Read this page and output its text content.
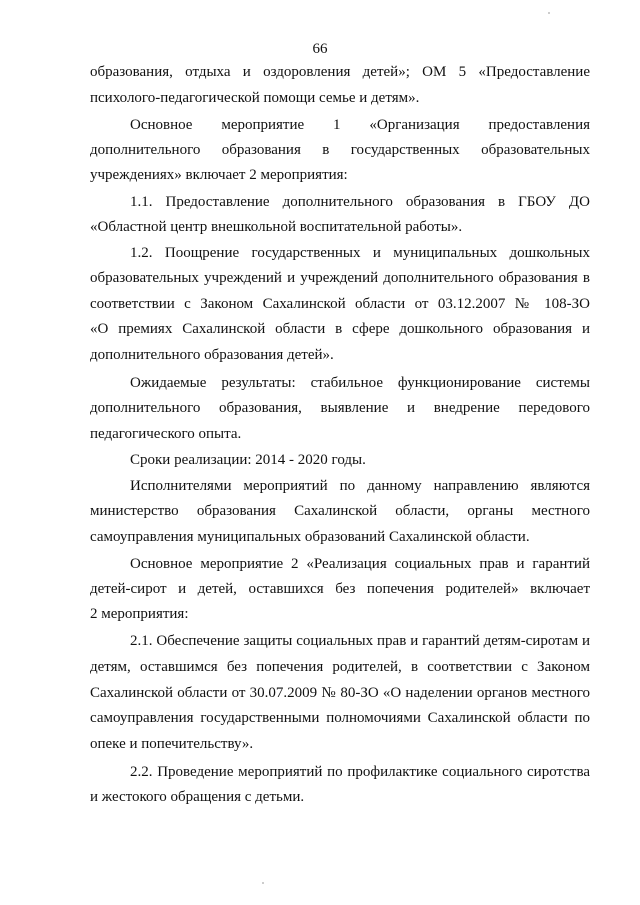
66
образования, отдыха и оздоровления детей»; ОМ 5 «Предоставление
психолого-педагогической помощи семье и детям».
Основное мероприятие 1 «Организация предоставления
дополнительного образования в государственных образовательных
учреждениях» включает 2 мероприятия:
1.1. Предоставление дополнительного образования в ГБОУ ДО
«Областной центр внешкольной воспитательной работы».
1.2. Поощрение государственных и муниципальных дошкольных
образовательных учреждений и учреждений дополнительного образования в
соответствии с Законом Сахалинской области от 03.12.2007 № 108-ЗО
«О премиях Сахалинской области в сфере дошкольного образования и
дополнительного образования детей».
Ожидаемые результаты: стабильное функционирование системы
дополнительного образования, выявление и внедрение передового
педагогического опыта.
Сроки реализации: 2014 - 2020 годы.
Исполнителями мероприятий по данному направлению являются
министерство образования Сахалинской области, органы местного
самоуправления муниципальных образований Сахалинской области.
Основное мероприятие 2 «Реализация социальных прав и гарантий
детей-сирот и детей, оставшихся без попечения родителей» включает
2 мероприятия:
2.1. Обеспечение защиты социальных прав и гарантий детям-сиротам и
детям, оставшимся без попечения родителей, в соответствии с Законом
Сахалинской области от 30.07.2009 № 80-ЗО «О наделении органов местного
самоуправления государственными полномочиями Сахалинской области по
опеке и попечительству».
2.2. Проведение мероприятий по профилактике социального сиротства
и жестокого обращения с детьми.
